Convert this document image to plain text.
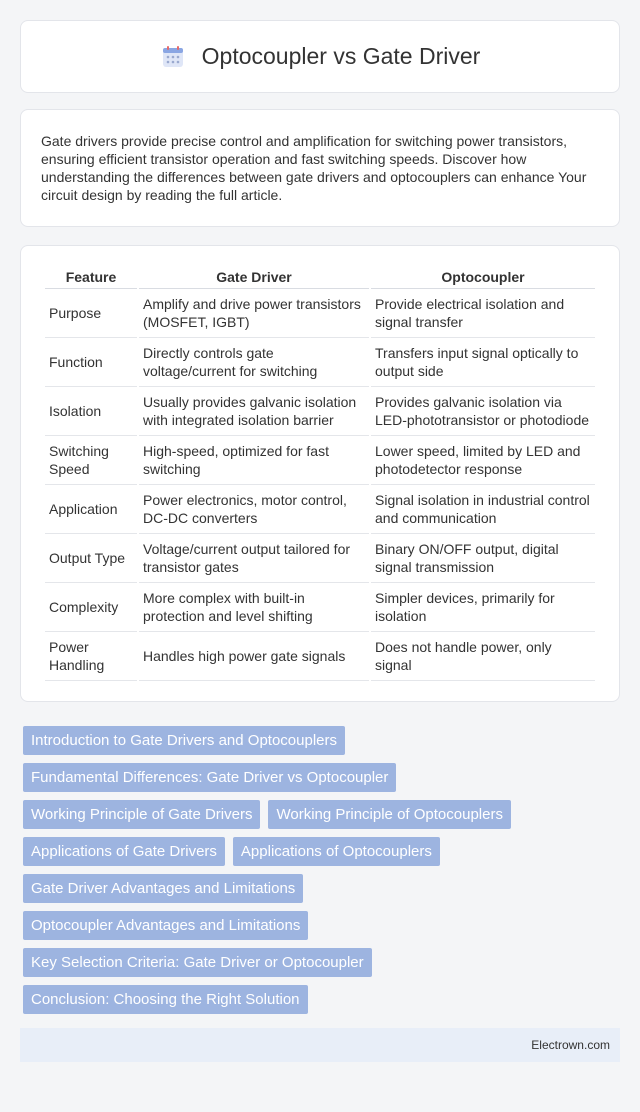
Optocoupler vs Gate Driver

Gate drivers provide precise control and amplification for switching power transistors, ensuring efficient transistor operation and fast switching speeds. Discover how understanding the differences between gate drivers and optocouplers can enhance Your circuit design by reading the full article.

Feature	Gate Driver	Optocoupler
Purpose	Amplify and drive power transistors (MOSFET, IGBT)	Provide electrical isolation and signal transfer
Function	Directly controls gate voltage/current for switching	Transfers input signal optically to output side
Isolation	Usually provides galvanic isolation with integrated isolation barrier	Provides galvanic isolation via LED-phototransistor or photodiode
Switching Speed	High-speed, optimized for fast switching	Lower speed, limited by LED and photodetector response
Application	Power electronics, motor control, DC-DC converters	Signal isolation in industrial control and communication
Output Type	Voltage/current output tailored for transistor gates	Binary ON/OFF output, digital signal transmission
Complexity	More complex with built-in protection and level shifting	Simpler devices, primarily for isolation
Power Handling	Handles high power gate signals	Does not handle power, only signal
Introduction to Gate Drivers and Optocouplers
Fundamental Differences: Gate Driver vs Optocoupler
Working Principle of Gate Drivers	Working Principle of Optocouplers
Applications of Gate Drivers	Applications of Optocouplers
Gate Driver Advantages and Limitations
Optocoupler Advantages and Limitations
Key Selection Criteria: Gate Driver or Optocoupler
Conclusion: Choosing the Right Solution
Electrown.com
